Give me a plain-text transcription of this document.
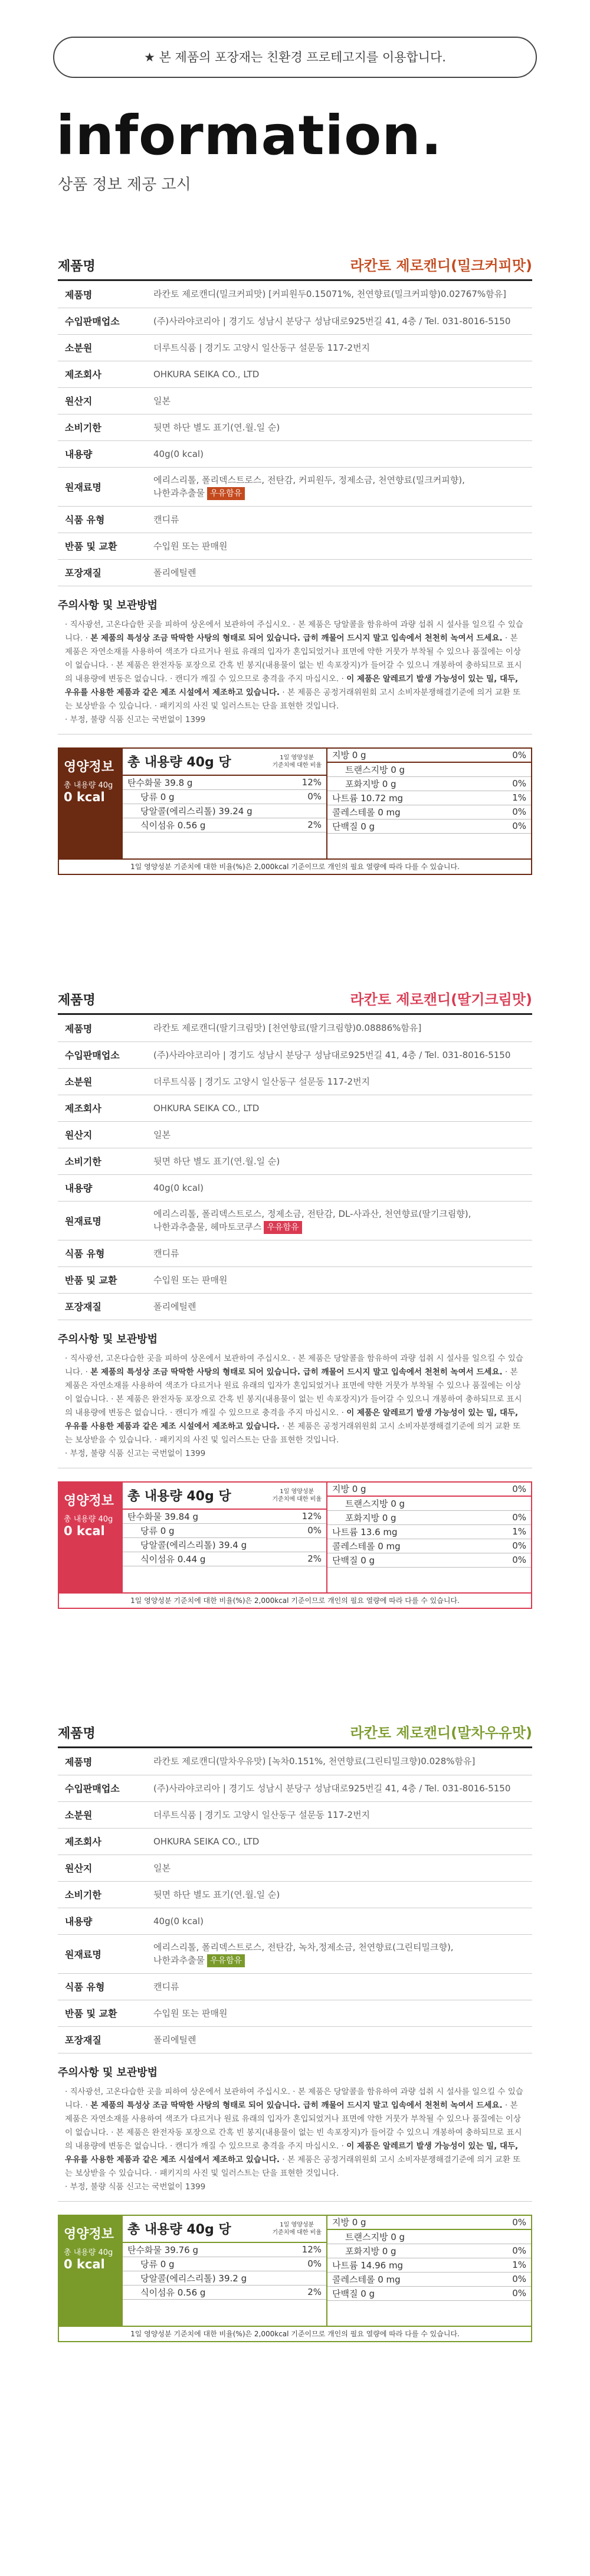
★ 본 제품의 포장재는 친환경 프로테고지를 이용합니다.
information.
상품 정보 제공 고시
제품명	라칸토 제로캔디(밀크커피맛)
제품명	라칸토 제로캔디(밀크커피맛) [커피원두0.15071%, 천연향료(밀크커피향)0.02767%함유]
수입판매업소	(주)사라야코리아 | 경기도 성남시 분당구 성남대로925번길 41, 4층 / Tel. 031-8016-5150
소분원	더루트식품 | 경기도 고양시 일산동구 설문동 117-2번지
제조회사	OHKURA SEIKA CO., LTD
원산지	일본
소비기한	뒷면 하단 별도 표기(연.월.일 순)
내용량	40g(0 kcal)
원재료명	에리스리톨, 폴리덱스트로스, 전탄감, 커피원두, 정제소금, 천연향료(밀크커피향),
나한과추출물 우유함유

식품 유형	캔디류
반품 및 교환	수입원 또는 판매원
포장재질	폴리에틸렌
주의사항 및 보관방법
· 직사광선, 고온다습한 곳을 피하여 상온에서 보관하여 주십시오. · 본 제품은 당알콜을 함유하여 과량 섭취 시 설사를 일으킬 수 있습니다. · 본 제품의 특성상 조금 딱딱한 사탕의 형태로 되어 있습니다. 급히 깨물어 드시지 말고 입속에서 천천히 녹여서 드세요. · 본 제품은 자연소재를 사용하여 색조가 다르거나 원료 유래의 입자가 혼입되었거나 표면에 약한 거뭇가 부착될 수 있으나 품질에는 이상이 없습니다. · 본 제품은 완전자동 포장으로 간혹 빈 봉지(내용물이 없는 빈 속포장지)가 들어갈 수 있으니 개봉하여 충하되므로 표시의 내용량에 변동은 없습니다. · 캔디가 깨질 수 있으므로 충격을 주지 마십시오. · 이 제품은 알레르기 발생 가능성이 있는 밀, 대두, 우유를 사용한 제품과 같은 제조 시설에서 제조하고 있습니다. · 본 제품은 공정거래위원회 고시 소비자분쟁해결기준에 의거 교환 또는 보상받을 수 있습니다. · 패키지의 사진 및 일러스트는 단을 표현한 것입니다.
· 부정, 불량 식품 신고는 국번없이 1399
영양정보
총 내용량 40g
0 kcal
총 내용량 40g 당	1일 영양성분
기준치에 대한 비율
탄수화물 39.8 g	12%
당류 0 g	0%
당알콜(에리스리톨) 39.24 g
식이섬유 0.56 g	2%
지방 0 g	0%
트랜스지방 0 g
포화지방 0 g	0%
나트륨 10.72 mg	1%
콜레스테롤 0 mg	0%
단백질 0 g	0%
1일 영양성분 기준치에 대한 비율(%)은 2,000kcal 기준이므로 개인의 필요 열량에 따라 다를 수 있습니다.
제품명	라칸토 제로캔디(딸기크림맛)
제품명	라칸토 제로캔디(딸기크림맛) [천연향료(딸기크림향)0.08886%함유]
수입판매업소	(주)사라야코리아 | 경기도 성남시 분당구 성남대로925번길 41, 4층 / Tel. 031-8016-5150
소분원	더루트식품 | 경기도 고양시 일산동구 설문동 117-2번지
제조회사	OHKURA SEIKA CO., LTD
원산지	일본
소비기한	뒷면 하단 별도 표기(연.월.일 순)
내용량	40g(0 kcal)
원재료명	에리스리톨, 폴리덱스트로스, 정제소금, 전탄감, DL-사과산, 천연향료(딸기크림향),
나한과추출물, 헤마토코쿠스 우유함유

식품 유형	캔디류
반품 및 교환	수입원 또는 판매원
포장재질	폴리에틸렌
주의사항 및 보관방법
· 직사광선, 고온다습한 곳을 피하여 상온에서 보관하여 주십시오. · 본 제품은 당알콜을 함유하여 과량 섭취 시 설사를 일으킬 수 있습니다. · 본 제품의 특성상 조금 딱딱한 사탕의 형태로 되어 있습니다. 급히 깨물어 드시지 말고 입속에서 천천히 녹여서 드세요. · 본 제품은 자연소재를 사용하여 색조가 다르거나 원료 유래의 입자가 혼입되었거나 표면에 약한 거뭇가 부착될 수 있으나 품질에는 이상이 없습니다. · 본 제품은 완전자동 포장으로 간혹 빈 봉지(내용물이 없는 빈 속포장지)가 들어갈 수 있으니 개봉하여 충하되므로 표시의 내용량에 변동은 없습니다. · 캔디가 깨질 수 있으므로 충격을 주지 마십시오. · 이 제품은 알레르기 발생 가능성이 있는 밀, 대두, 우유를 사용한 제품과 같은 제조 시설에서 제조하고 있습니다. · 본 제품은 공정거래위원회 고시 소비자분쟁해결기준에 의거 교환 또는 보상받을 수 있습니다. · 패키지의 사진 및 일러스트는 단을 표현한 것입니다.
· 부정, 불량 식품 신고는 국번없이 1399
영양정보
총 내용량 40g
0 kcal
총 내용량 40g 당	1일 영양성분
기준치에 대한 비율
탄수화물 39.84 g	12%
당류 0 g	0%
당알콜(에리스리톨) 39.4 g
식이섬유 0.44 g	2%
지방 0 g	0%
트랜스지방 0 g
포화지방 0 g	0%
나트륨 13.6 mg	1%
콜레스테롤 0 mg	0%
단백질 0 g	0%
1일 영양성분 기준치에 대한 비율(%)은 2,000kcal 기준이므로 개인의 필요 열량에 따라 다를 수 있습니다.
제품명	라칸토 제로캔디(말차우유맛)
제품명	라칸토 제로캔디(말차우유맛) [녹차0.151%, 천연향료(그린티밀크향)0.028%함유]
수입판매업소	(주)사라야코리아 | 경기도 성남시 분당구 성남대로925번길 41, 4층 / Tel. 031-8016-5150
소분원	더루트식품 | 경기도 고양시 일산동구 설문동 117-2번지
제조회사	OHKURA SEIKA CO., LTD
원산지	일본
소비기한	뒷면 하단 별도 표기(연.월.일 순)
내용량	40g(0 kcal)
원재료명	에리스리톨, 폴리덱스트로스, 전탄감, 녹차,정제소금, 천연향료(그린티밀크향),
나한과추출물 우유함유

식품 유형	캔디류
반품 및 교환	수입원 또는 판매원
포장재질	폴리에틸렌
주의사항 및 보관방법
· 직사광선, 고온다습한 곳을 피하여 상온에서 보관하여 주십시오. · 본 제품은 당알콜을 함유하여 과량 섭취 시 설사를 일으킬 수 있습니다. · 본 제품의 특성상 조금 딱딱한 사탕의 형태로 되어 있습니다. 급히 깨물어 드시지 말고 입속에서 천천히 녹여서 드세요. · 본 제품은 자연소재를 사용하여 색조가 다르거나 원료 유래의 입자가 혼입되었거나 표면에 약한 거뭇가 부착될 수 있으나 품질에는 이상이 없습니다. · 본 제품은 완전자동 포장으로 간혹 빈 봉지(내용물이 없는 빈 속포장지)가 들어갈 수 있으니 개봉하여 충하되므로 표시의 내용량에 변동은 없습니다. · 캔디가 깨질 수 있으므로 충격을 주지 마십시오. · 이 제품은 알레르기 발생 가능성이 있는 밀, 대두, 우유를 사용한 제품과 같은 제조 시설에서 제조하고 있습니다. · 본 제품은 공정거래위원회 고시 소비자분쟁해결기준에 의거 교환 또는 보상받을 수 있습니다. · 패키지의 사진 및 일러스트는 단을 표현한 것입니다.
· 부정, 불량 식품 신고는 국번없이 1399
영양정보
총 내용량 40g
0 kcal
총 내용량 40g 당	1일 영양성분
기준치에 대한 비율
탄수화물 39.76 g	12%
당류 0 g	0%
당알콜(에리스리톨) 39.2 g
식이섬유 0.56 g	2%
지방 0 g	0%
트랜스지방 0 g
포화지방 0 g	0%
나트륨 14.96 mg	1%
콜레스테롤 0 mg	0%
단백질 0 g	0%
1일 영양성분 기준치에 대한 비율(%)은 2,000kcal 기준이므로 개인의 필요 열량에 따라 다를 수 있습니다.
